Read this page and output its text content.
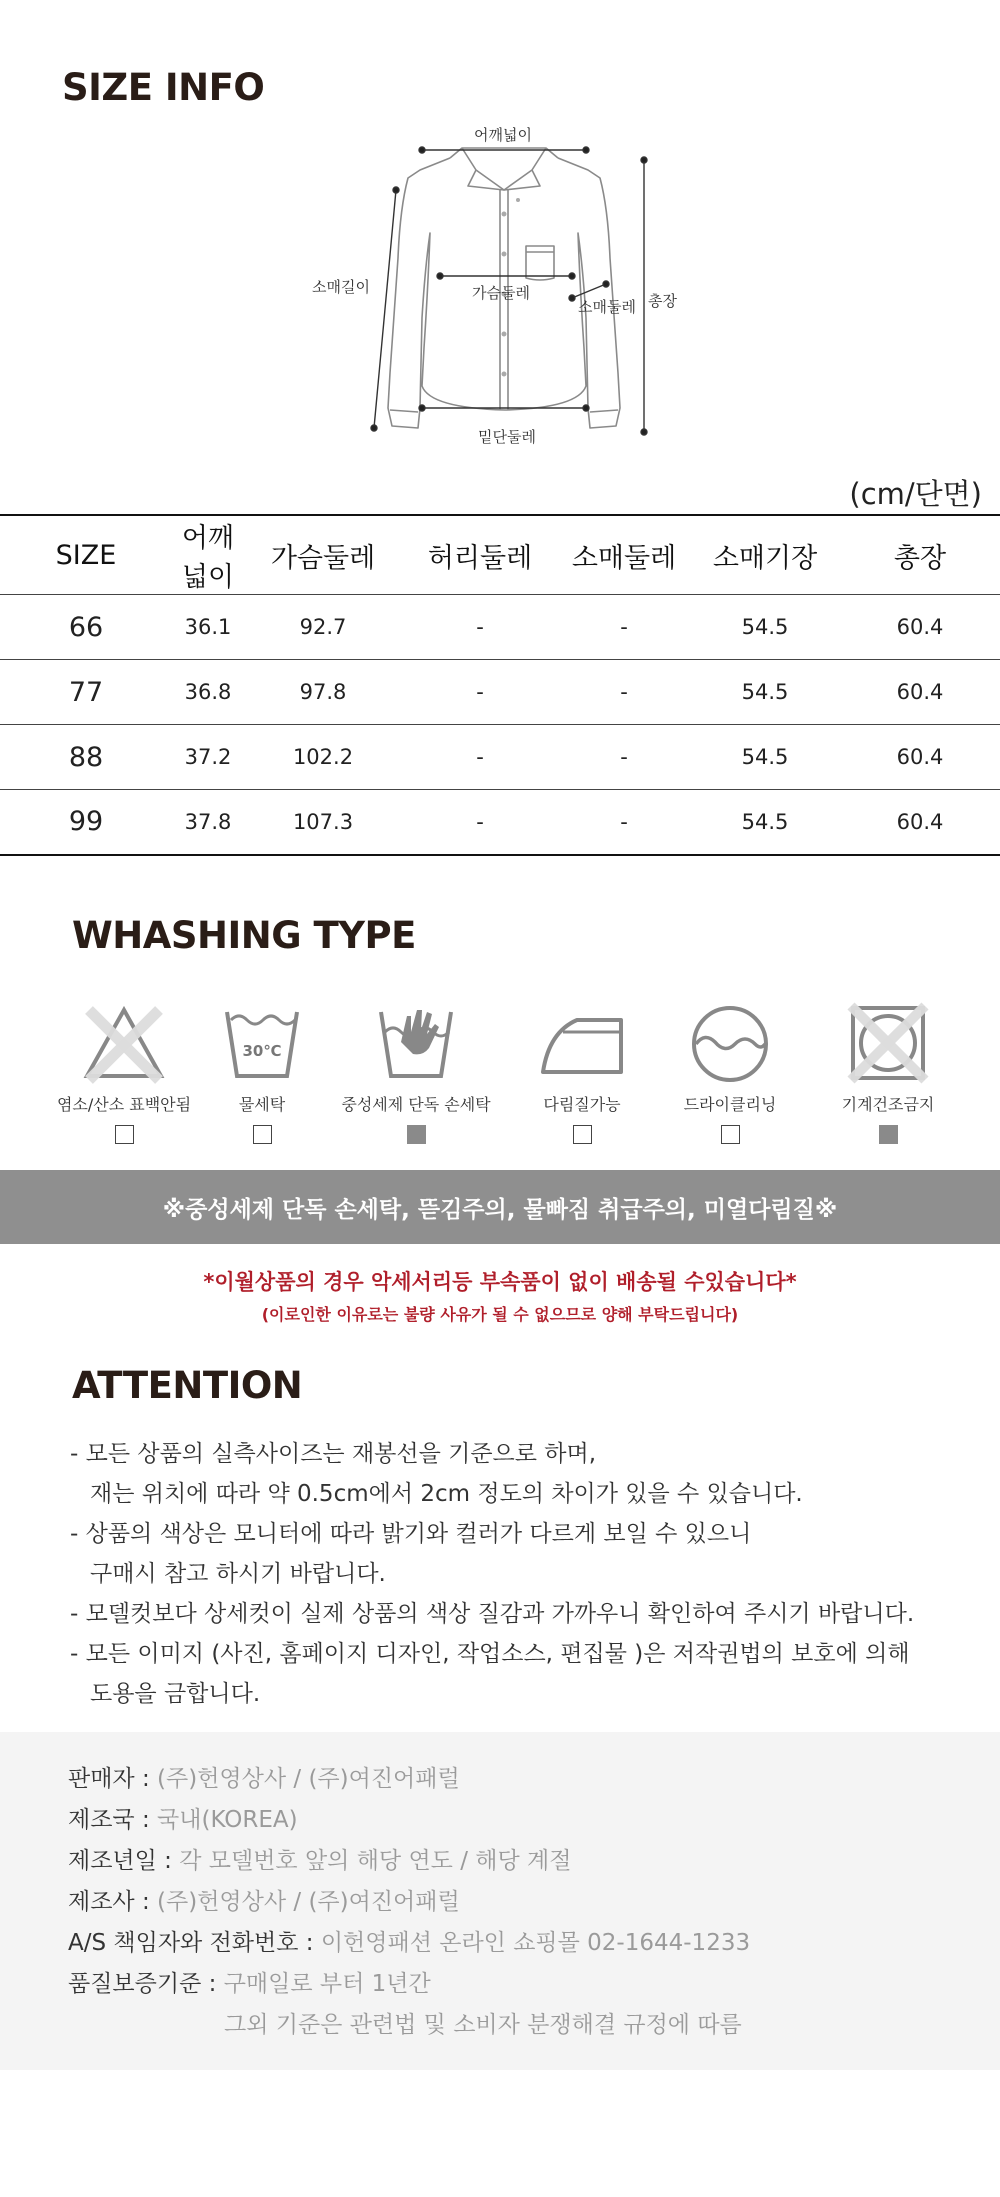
SIZE INFO
어깨넓이
소매길이	가슴둘레
소매둘레 총장
밑단둘레
(cm/단면)
SIZE	어깨넓이	가슴둘레	허리둘레	소매둘레	소매기장	총장
66	36.1	92.7	-	-	54.5	60.4
77	36.8	97.8	-	-	54.5	60.4
88	37.2	102.2	-	-	54.5	60.4
99	37.8	107.3	-	-	54.5	60.4
WHASHING TYPE
염소/산소 표백안됨
30℃
물세탁	중성세제 단독 손세탁	다림질가능	드라이클리닝	기계건조금지
※중성세제 단독 손세탁, 뜯김주의, 물빠짐 취급주의, 미열다림질※
*이월상품의 경우 악세서리등 부속품이 없이 배송될 수있습니다*
(이로인한 이유로는 불량 사유가 될 수 없으므로 양해 부탁드립니다)
ATTENTION
- 모든 상품의 실측사이즈는 재봉선을 기준으로 하며,
재는 위치에 따라 약 0.5cm에서 2cm 정도의 차이가 있을 수 있습니다.
- 상품의 색상은 모니터에 따라 밝기와 컬러가 다르게 보일 수 있으니
구매시 참고 하시기 바랍니다.
- 모델컷보다 상세컷이 실제 상품의 색상 질감과 가까우니 확인하여 주시기 바랍니다.
- 모든 이미지 (사진, 홈페이지 디자인, 작업소스, 편집물 )은 저작권법의 보호에 의해
도용을 금합니다.
판매자 : (주)헌영상사 / (주)여진어패럴
제조국 : 국내(KOREA)
제조년일 : 각 모델번호 앞의 해당 연도 / 해당 계절
제조사 : (주)헌영상사 / (주)여진어패럴
A/S 책임자와 전화번호 : 이헌영패션 온라인 쇼핑몰 02-1644-1233
품질보증기준 : 구매일로 부터 1년간
그외 기준은 관련법 및 소비자 분쟁해결 규정에 따름
